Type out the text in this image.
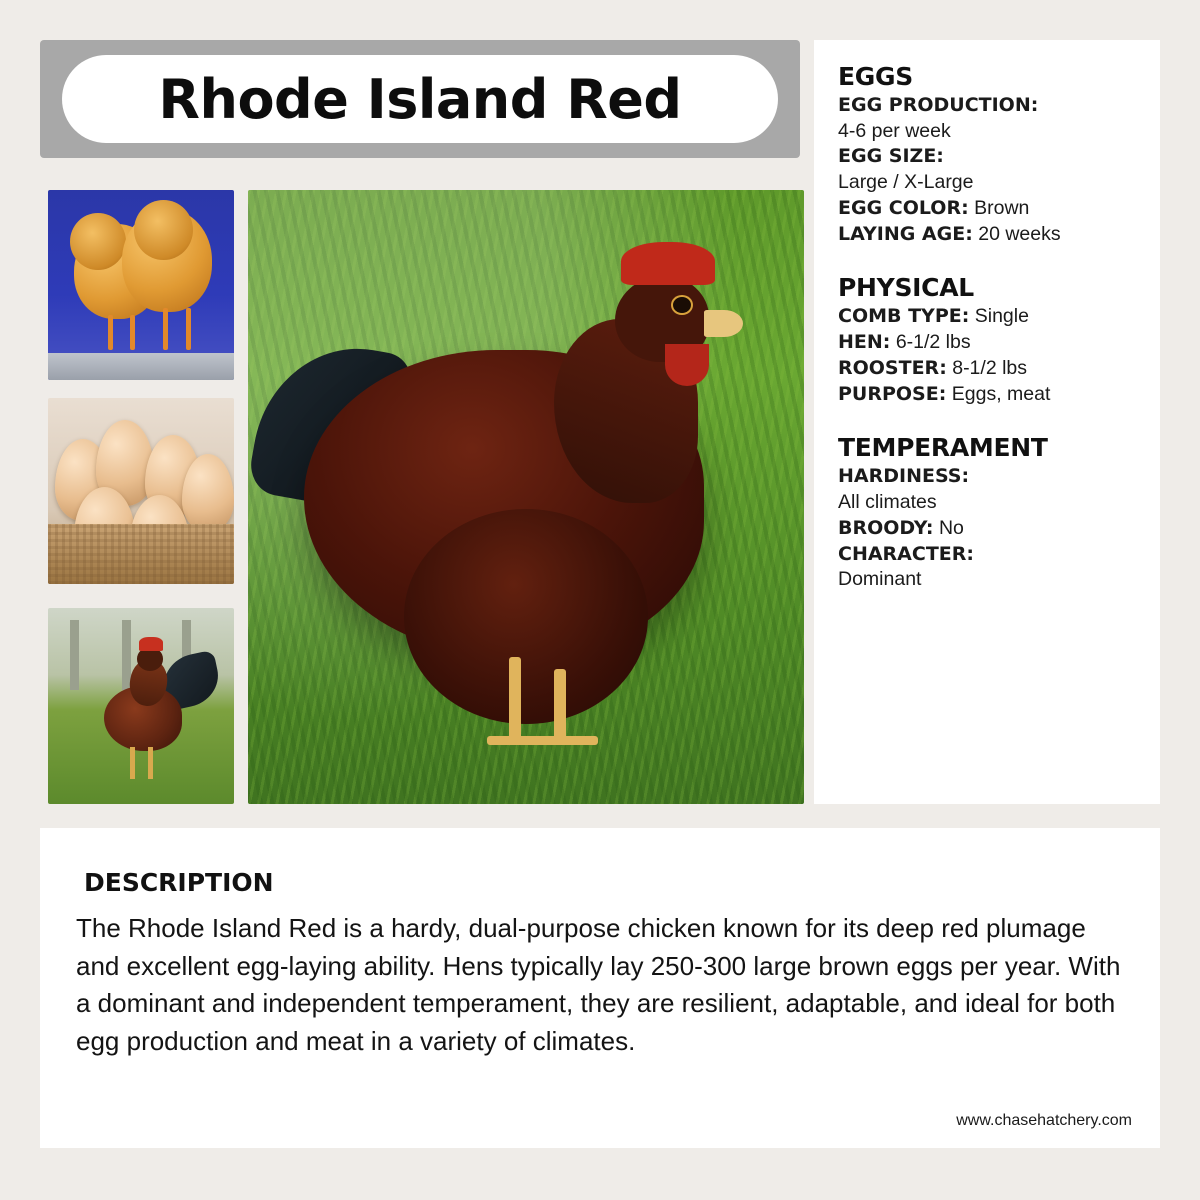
Rhode Island Red	EGGS
EGG PRODUCTION:
4-6 per week
EGG SIZE:
Large / X-Large
EGG COLOR: Brown
LAYING AGE: 20 weeks
PHYSICAL
COMB TYPE: Single
HEN: 6-1/2 lbs
ROOSTER: 8-1/2 lbs
PURPOSE: Eggs, meat
TEMPERAMENT
HARDINESS:
All climates
BROODY: No
CHARACTER:
Dominant
DESCRIPTION
The Rhode Island Red is a hardy, dual-purpose chicken known for its deep red plumage and excellent egg-laying ability. Hens typically lay 250-300 large brown eggs per year. With a dominant and independent temperament, they are resilient, adaptable, and ideal for both egg production and meat in a variety of climates.
www.chasehatchery.com
